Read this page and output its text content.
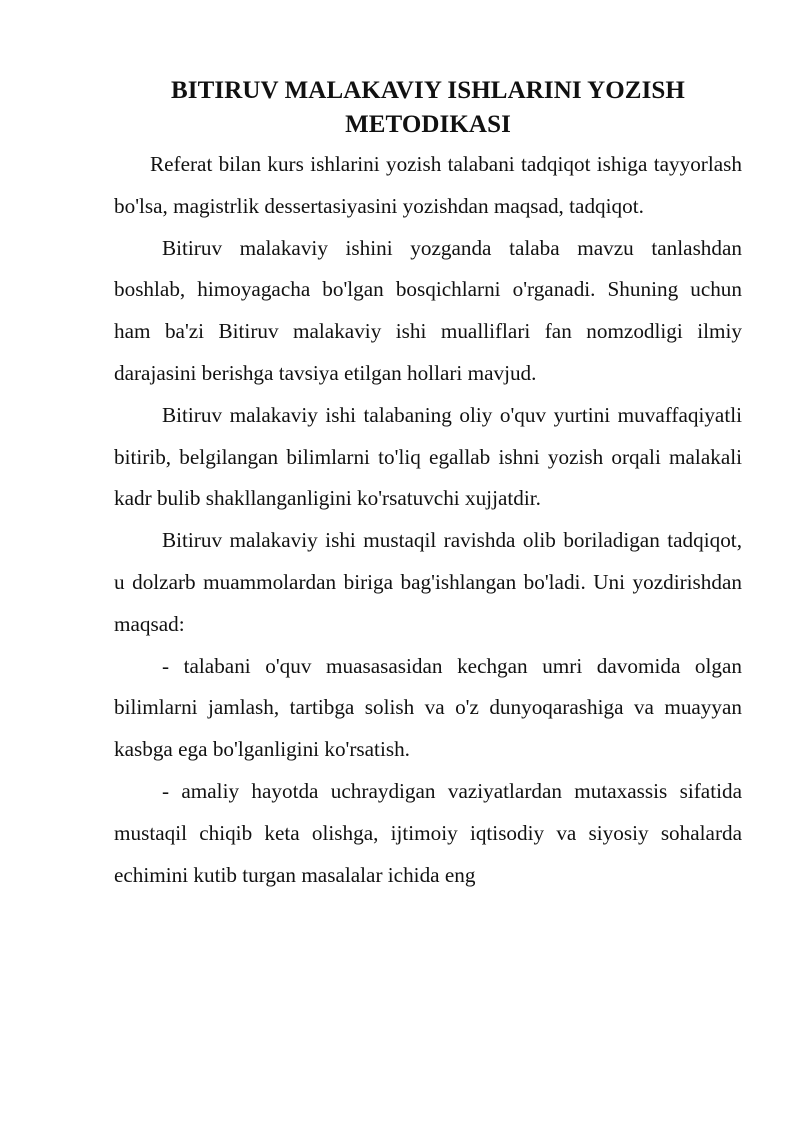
BITIRUV MALAKAVIY ISHLARINI YOZISH
METODIKASI

Referat bilan kurs ishlarini yozish talabani tadqiqot ishiga tayyorlash bo'lsa, magistrlik dessertasiyasini yozishdan maqsad, tadqiqot.

Bitiruv malakaviy ishini yozganda talaba mavzu tanlashdan boshlab, himoyagacha bo'lgan bosqichlarni o'rganadi. Shuning uchun ham ba'zi Bitiruv malakaviy ishi mualliflari fan nomzodligi ilmiy darajasini berishga tavsiya etilgan hollari mavjud.

Bitiruv malakaviy ishi talabaning oliy o'quv yurtini muvaffaqiyatli bitirib, belgilangan bilimlarni to'liq egallab ishni yozish orqali malakali kadr bulib shakllanganligini ko'rsatuvchi xujjatdir.

Bitiruv malakaviy ishi mustaqil ravishda olib boriladigan tadqiqot, u dolzarb muammolardan biriga bag'ishlangan bo'ladi. Uni yozdirishdan maqsad:

- talabani o'quv muasasasidan kechgan umri davomida olgan bilimlarni jamlash, tartibga solish va o'z dunyoqarashiga va muayyan kasbga ega bo'lganligini ko'rsatish.

- amaliy hayotda uchraydigan vaziyatlardan mutaxassis sifatida mustaqil chiqib keta olishga, ijtimoiy iqtisodiy va siyosiy sohalarda echimini kutib turgan masalalar ichida eng
